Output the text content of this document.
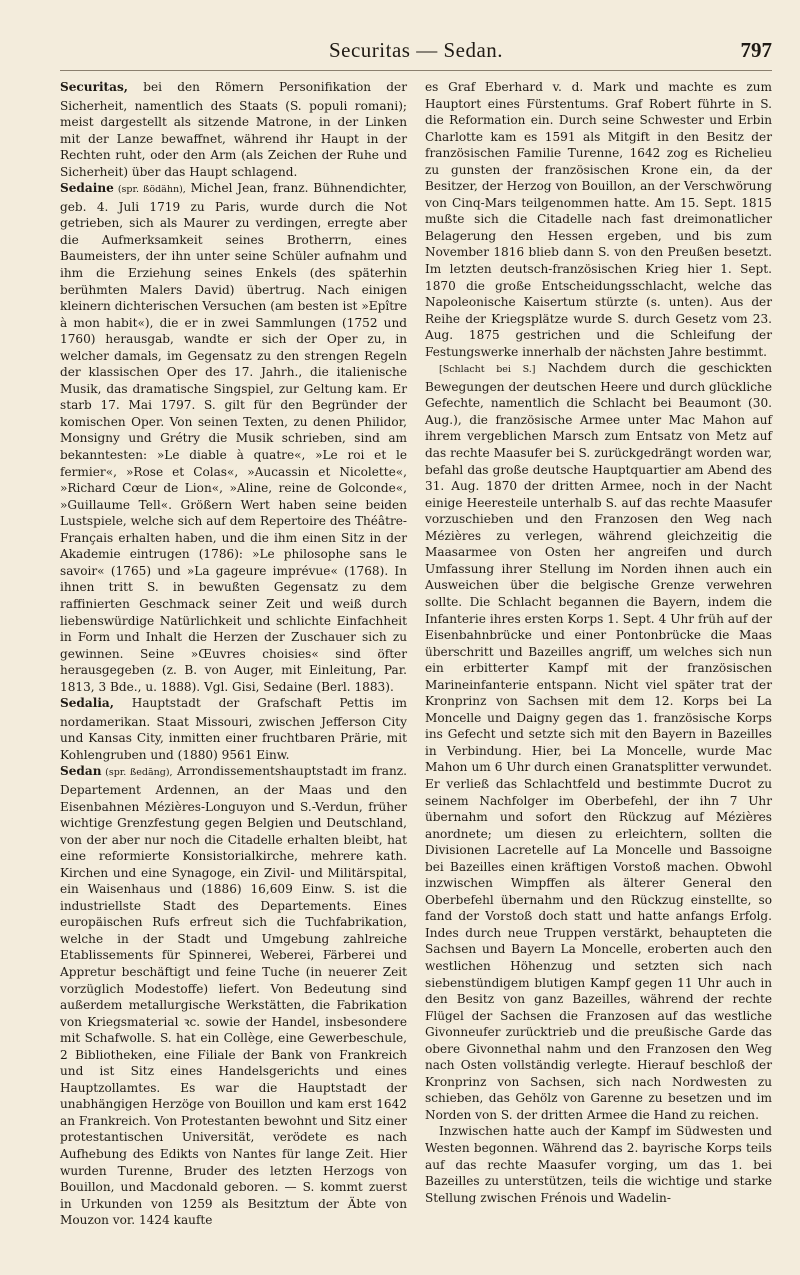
Securitas — Sedan.	797

Securitas, bei den Römern Personifikation der Sicherheit, namentlich des Staats (S. populi romani); meist dargestellt als sitzende Matrone, in der Linken mit der Lanze bewaffnet, während ihr Haupt in der Rechten ruht, oder den Arm (als Zeichen der Ruhe und Sicherheit) über das Haupt schlagend.

Sedaine (spr. ßödähn), Michel Jean, franz. Bühnendichter, geb. 4. Juli 1719 zu Paris, wurde durch die Not getrieben, sich als Maurer zu verdingen, erregte aber die Aufmerksamkeit seines Brotherrn, eines Baumeisters, der ihn unter seine Schüler aufnahm und ihm die Erziehung seines Enkels (des späterhin berühmten Malers David) übertrug. Nach einigen kleinern dichterischen Versuchen (am besten ist »Epître à mon habit«), die er in zwei Sammlungen (1752 und 1760) herausgab, wandte er sich der Oper zu, in welcher damals, im Gegensatz zu den strengen Regeln der klassischen Oper des 17. Jahrh., die italienische Musik, das dramatische Singspiel, zur Geltung kam. Er starb 17. Mai 1797. S. gilt für den Begründer der komischen Oper. Von seinen Texten, zu denen Philidor, Monsigny und Grétry die Musik schrieben, sind am bekanntesten: »Le diable à quatre«, »Le roi et le fermier«, »Rose et Colas«, »Aucassin et Nicolette«, »Richard Cœur de Lion«, »Aline, reine de Golconde«, »Guillaume Tell«. Größern Wert haben seine beiden Lustspiele, welche sich auf dem Repertoire des Théâtre-Français erhalten haben, und die ihm einen Sitz in der Akademie eintrugen (1786): »Le philosophe sans le savoir« (1765) und »La gageure imprévue« (1768). In ihnen tritt S. in bewußten Gegensatz zu dem raffinierten Geschmack seiner Zeit und weiß durch liebenswürdige Natürlichkeit und schlichte Einfachheit in Form und Inhalt die Herzen der Zuschauer sich zu gewinnen. Seine »Œuvres choisies« sind öfter herausgegeben (z. B. von Auger, mit Einleitung, Par. 1813, 3 Bde., u. 1888). Vgl. Gisi, Sedaine (Berl. 1883).

Sedalia, Hauptstadt der Grafschaft Pettis im nordamerikan. Staat Missouri, zwischen Jefferson City und Kansas City, inmitten einer fruchtbaren Prärie, mit Kohlengruben und (1880) 9561 Einw.

Sedan (spr. ßedāng), Arrondissementshauptstadt im franz. Departement Ardennen, an der Maas und den Eisenbahnen Mézières-Longuyon und S.-Verdun, früher wichtige Grenzfestung gegen Belgien und Deutschland, von der aber nur noch die Citadelle erhalten bleibt, hat eine reformierte Konsistorialkirche, mehrere kath. Kirchen und eine Synagoge, ein Zivil- und Militärspital, ein Waisenhaus und (1886) 16,609 Einw. S. ist die industriellste Stadt des Departements. Eines europäischen Rufs erfreut sich die Tuchfabrikation, welche in der Stadt und Umgebung zahlreiche Etablissements für Spinnerei, Weberei, Färberei und Appretur beschäftigt und feine Tuche (in neuerer Zeit vorzüglich Modestoffe) liefert. Von Bedeutung sind außerdem metallurgische Werkstätten, die Fabrikation von Kriegsmaterial ꝛc. sowie der Handel, insbesondere mit Schafwolle. S. hat ein Collège, eine Gewerbeschule, 2 Bibliotheken, eine Filiale der Bank von Frankreich und ist Sitz eines Handelsgerichts und eines Hauptzollamtes. Es war die Hauptstadt der unabhängigen Herzöge von Bouillon und kam erst 1642 an Frankreich. Von Protestanten bewohnt und Sitz einer protestantischen Universität, verödete es nach Aufhebung des Edikts von Nantes für lange Zeit. Hier wurden Turenne, Bruder des letzten Herzogs von Bouillon, und Macdonald geboren. — S. kommt zuerst in Urkunden von 1259 als Besitztum der Äbte von Mouzon vor. 1424 kaufte

es Graf Eberhard v. d. Mark und machte es zum Hauptort eines Fürstentums. Graf Robert führte in S. die Reformation ein. Durch seine Schwester und Erbin Charlotte kam es 1591 als Mitgift in den Besitz der französischen Familie Turenne, 1642 zog es Richelieu zu gunsten der französischen Krone ein, da der Besitzer, der Herzog von Bouillon, an der Verschwörung von Cinq-Mars teilgenommen hatte. Am 15. Sept. 1815 mußte sich die Citadelle nach fast dreimonatlicher Belagerung den Hessen ergeben, und bis zum November 1816 blieb dann S. von den Preußen besetzt. Im letzten deutsch-französischen Krieg hier 1. Sept. 1870 die große Entscheidungsschlacht, welche das Napoleonische Kaisertum stürzte (s. unten). Aus der Reihe der Kriegsplätze wurde S. durch Gesetz vom 23. Aug. 1875 gestrichen und die Schleifung der Festungswerke innerhalb der nächsten Jahre bestimmt.

[Schlacht bei S.] Nachdem durch die geschickten Bewegungen der deutschen Heere und durch glückliche Gefechte, namentlich die Schlacht bei Beaumont (30. Aug.), die französische Armee unter Mac Mahon auf ihrem vergeblichen Marsch zum Entsatz von Metz auf das rechte Maasufer bei S. zurückgedrängt worden war, befahl das große deutsche Hauptquartier am Abend des 31. Aug. 1870 der dritten Armee, noch in der Nacht einige Heeresteile unterhalb S. auf das rechte Maasufer vorzuschieben und den Franzosen den Weg nach Mézières zu verlegen, während gleichzeitig die Maasarmee von Osten her angreifen und durch Umfassung ihrer Stellung im Norden ihnen auch ein Ausweichen über die belgische Grenze verwehren sollte. Die Schlacht begannen die Bayern, indem die Infanterie ihres ersten Korps 1. Sept. 4 Uhr früh auf der Eisenbahnbrücke und einer Pontonbrücke die Maas überschritt und Bazeilles angriff, um welches sich nun ein erbitterter Kampf mit der französischen Marineinfanterie entspann. Nicht viel später trat der Kronprinz von Sachsen mit dem 12. Korps bei La Moncelle und Daigny gegen das 1. französische Korps ins Gefecht und setzte sich mit den Bayern in Bazeilles in Verbindung. Hier, bei La Moncelle, wurde Mac Mahon um 6 Uhr durch einen Granatsplitter verwundet. Er verließ das Schlachtfeld und bestimmte Ducrot zu seinem Nachfolger im Oberbefehl, der ihn 7 Uhr übernahm und sofort den Rückzug auf Mézières anordnete; um diesen zu erleichtern, sollten die Divisionen Lacretelle auf La Moncelle und Bassoigne bei Bazeilles einen kräftigen Vorstoß machen. Obwohl inzwischen Wimpffen als älterer General den Oberbefehl übernahm und den Rückzug einstellte, so fand der Vorstoß doch statt und hatte anfangs Erfolg. Indes durch neue Truppen verstärkt, behaupteten die Sachsen und Bayern La Moncelle, eroberten auch den westlichen Höhenzug und setzten sich nach siebenstündigem blutigen Kampf gegen 11 Uhr auch in den Besitz von ganz Bazeilles, während der rechte Flügel der Sachsen die Franzosen auf das westliche Givonneufer zurücktrieb und die preußische Garde das obere Givonnethal nahm und den Franzosen den Weg nach Osten vollständig verlegte. Hierauf beschloß der Kronprinz von Sachsen, sich nach Nordwesten zu schieben, das Gehölz von Garenne zu besetzen und im Norden von S. der dritten Armee die Hand zu reichen.

Inzwischen hatte auch der Kampf im Südwesten und Westen begonnen. Während das 2. bayrische Korps teils auf das rechte Maasufer vorging, um das 1. bei Bazeilles zu unterstützen, teils die wichtige und starke Stellung zwischen Frénois und Wadelin-
